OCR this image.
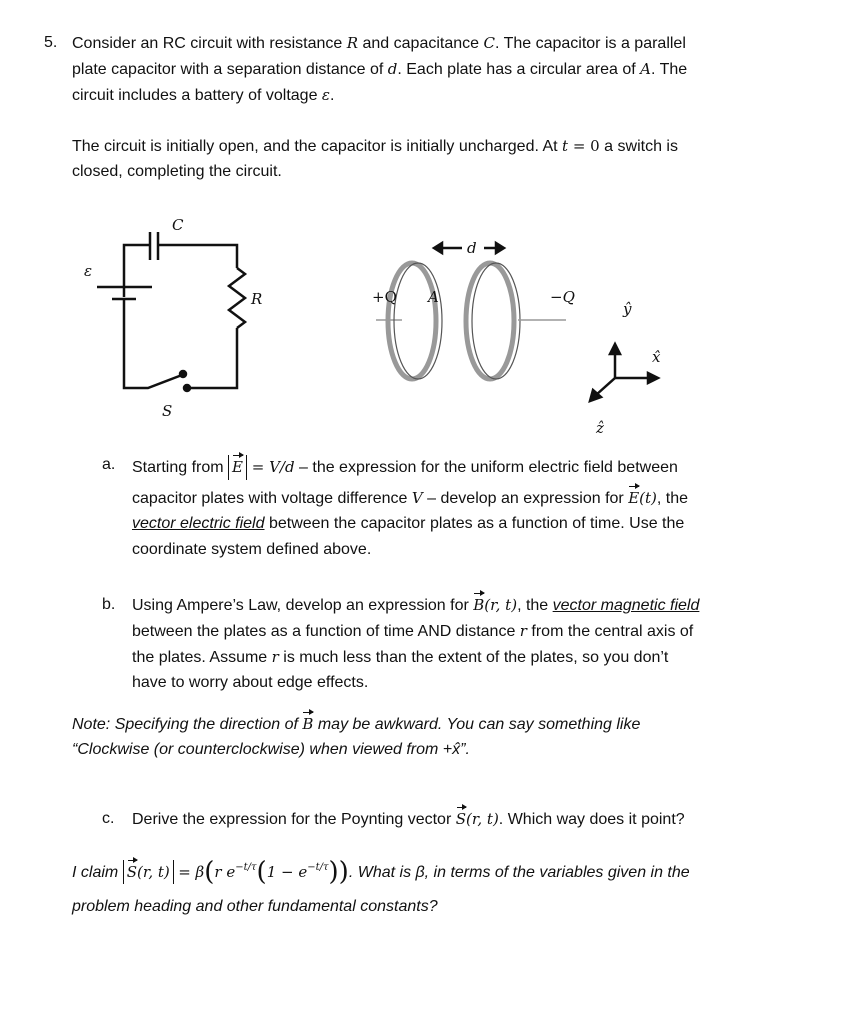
5. Consider an RC circuit with resistance R and capacitance C. The capacitor is a parallel
plate capacitor with a separation distance of d. Each plate has a circular area of A. The
circuit includes a battery of voltage ε.
The circuit is initially open, and the capacitor is initially uncharged. At t = 0 a switch is
closed, completing the circuit.
ε
C
R
S
d
+Q A	−Q
ŷ
x̂
ẑ
a. Starting from E = V/d – the expression for the uniform electric field between
capacitor plates with voltage difference V – develop an expression for E(t), the
vector electric field between the capacitor plates as a function of time. Use the
coordinate system defined above.
b. Using Ampere’s Law, develop an expression for B(r, t), the vector magnetic field
between the plates as a function of time AND distance r from the central axis of
the plates. Assume r is much less than the extent of the plates, so you don’t
have to worry about edge effects.
Note: Specifying the direction of B may be awkward. You can say something like
“Clockwise (or counterclockwise) when viewed from +x̂”.
c. Derive the expression for the Poynting vector S(r, t). Which way does it point?
I claim S(r, t) = β(r $e^{-t/\tau}(1 - e^{-t/\tau})$). What is β, in terms of the variables given in the
problem heading and other fundamental constants?
